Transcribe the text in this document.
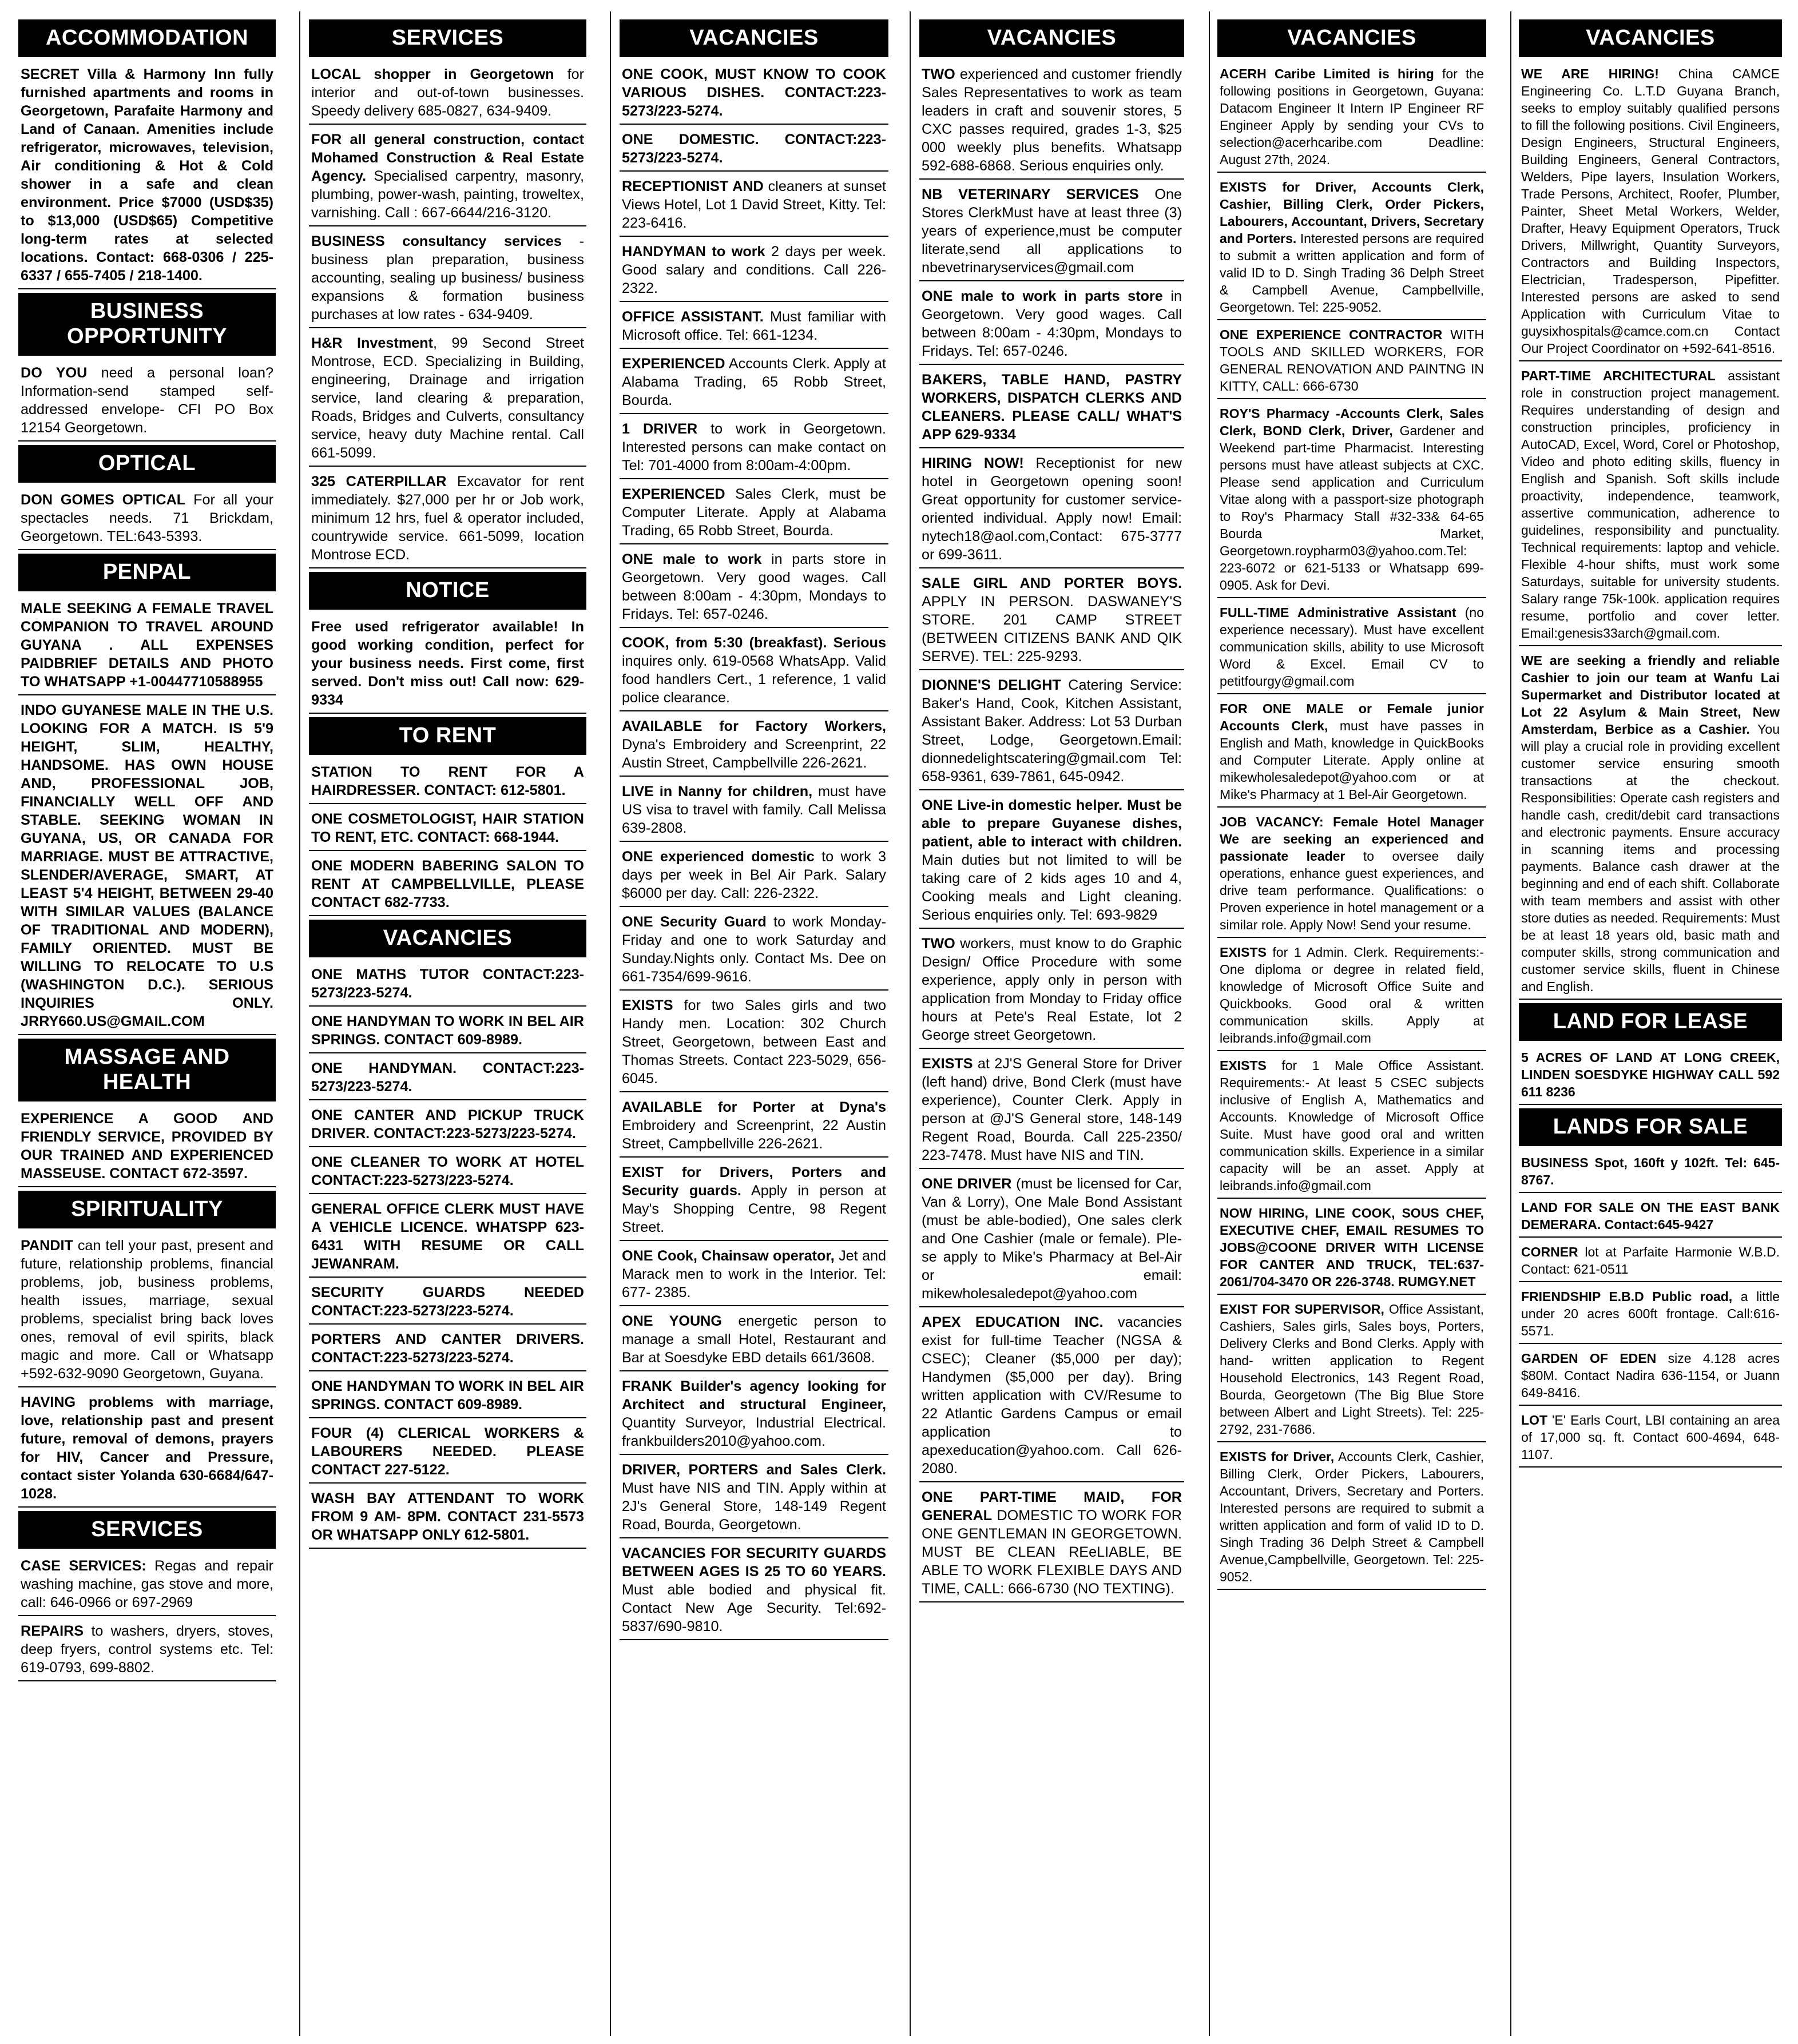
ACCOMMODATION
SECRET Villa & Harmony Inn fully furnished apartments and rooms in Georgetown, Parafaite Harmony and Land of Canaan. Amenities include refrigerator, microwaves, television, Air conditioning & Hot & Cold shower in a safe and clean environment. Price $7000 (USD$35) to $13,000 (USD$65) Competitive long-term rates at selected locations. Contact: 668-0306 / 225-6337 / 655-7405 / 218-1400.
BUSINESS OPPORTUNITY
DO YOU need a personal loan? Information-send stamped self-addressed envelope- CFI PO Box 12154 Georgetown.
OPTICAL
DON GOMES OPTICAL For all your spectacles needs. 71 Brickdam, Georgetown. TEL:643-5393.
PENPAL
MALE SEEKING A FEMALE TRAVEL COMPANION TO TRAVEL AROUND GUYANA . ALL EXPENSES PAIDBRIEF DETAILS AND PHOTO TO WHATSAPP +1-00447710588955
INDO GUYANESE MALE IN THE U.S. LOOKING FOR A MATCH. IS 5'9 HEIGHT, SLIM, HEALTHY, HANDSOME. HAS OWN HOUSE AND, PROFESSIONAL JOB, FINANCIALLY WELL OFF AND STABLE. SEEKING WOMAN IN GUYANA, US, OR CANADA FOR MARRIAGE. MUST BE ATTRACTIVE, SLENDER/AVERAGE, SMART, AT LEAST 5'4 HEIGHT, BETWEEN 29-40 WITH SIMILAR VALUES (BALANCE OF TRADITIONAL AND MODERN), FAMILY ORIENTED. MUST BE WILLING TO RELOCATE TO U.S (WASHINGTON D.C.). SERIOUS INQUIRIES ONLY. JRRY660.US@GMAIL.COM
MASSAGE AND HEALTH
EXPERIENCE A GOOD AND FRIENDLY SERVICE, PROVIDED BY OUR TRAINED AND EXPERIENCED MASSEUSE. CONTACT 672-3597.
SPIRITUALITY
PANDIT can tell your past, present and future, relationship problems, financial problems, job, business problems, health issues, marriage, sexual problems, specialist bring back loves ones, removal of evil spirits, black magic and more. Call or Whatsapp +592-632-9090 Georgetown, Guyana.
HAVING problems with marriage, love, relationship past and present future, removal of demons, prayers for HIV, Cancer and Pressure, contact sister Yolanda 630-6684/647-1028.
SERVICES
CASE SERVICES: Regas and repair washing machine, gas stove and more, call: 646-0966 or 697-2969
REPAIRS to washers, dryers, stoves, deep fryers, control systems etc. Tel: 619-0793, 699-8802.
SERVICES
LOCAL shopper in Georgetown for interior and out-of-town businesses. Speedy delivery 685-0827, 634-9409.
FOR all general construction, contact Mohamed Construction & Real Estate Agency. Specialised carpentry, masonry, plumbing, power-wash, painting, troweltex, varnishing. Call : 667-6644/216-3120.
BUSINESS consultancy services - business plan preparation, business accounting, sealing up business/ business expansions & formation business purchases at low rates - 634-9409.
H&R Investment, 99 Second Street Montrose, ECD. Specializing in Building, engineering, Drainage and irrigation service, land clearing & preparation, Roads, Bridges and Culverts, consultancy service, heavy duty Machine rental. Call 661-5099.
325 CATERPILLAR Excavator for rent immediately. $27,000 per hr or Job work, minimum 12 hrs, fuel & operator included, countrywide service. 661-5099, location Montrose ECD.
NOTICE
Free used refrigerator available! In good working condition, perfect for your business needs. First come, first served. Don't miss out! Call now: 629-9334
TO RENT
STATION TO RENT FOR A HAIRDRESSER. CONTACT: 612-5801.
ONE COSMETOLOGIST, HAIR STATION TO RENT, ETC. CONTACT: 668-1944.
ONE MODERN BABERING SALON TO RENT AT CAMPBELLVILLE, PLEASE CONTACT 682-7733.
VACANCIES
ONE MATHS TUTOR CONTACT:223-5273/223-5274.
ONE HANDYMAN TO WORK IN BEL AIR SPRINGS. CONTACT 609-8989.
ONE HANDYMAN. CONTACT:223-5273/223-5274.
ONE CANTER AND PICKUP TRUCK DRIVER. CONTACT:223-5273/223-5274.
ONE CLEANER TO WORK AT HOTEL CONTACT:223-5273/223-5274.
GENERAL OFFICE CLERK MUST HAVE A VEHICLE LICENCE. WHATSPP 623-6431 WITH RESUME OR CALL JEWANRAM.
SECURITY GUARDS NEEDED CONTACT:223-5273/223-5274.
PORTERS AND CANTER DRIVERS. CONTACT:223-5273/223-5274.
ONE HANDYMAN TO WORK IN BEL AIR SPRINGS. CONTACT 609-8989.
FOUR (4) CLERICAL WORKERS & LABOURERS NEEDED. PLEASE CONTACT 227-5122.
WASH BAY ATTENDANT TO WORK FROM 9 AM- 8PM. CONTACT 231-5573 OR WHATSAPP ONLY 612-5801.
VACANCIES
ONE COOK, MUST KNOW TO COOK VARIOUS DISHES. CONTACT:223-5273/223-5274.
ONE DOMESTIC. CONTACT:223-5273/223-5274.
RECEPTIONIST AND cleaners at sunset Views Hotel, Lot 1 David Street, Kitty. Tel: 223-6416.
HANDYMAN to work 2 days per week. Good salary and conditions. Call 226-2322.
OFFICE ASSISTANT. Must familiar with Microsoft office. Tel: 661-1234.
EXPERIENCED Accounts Clerk. Apply at Alabama Trading, 65 Robb Street, Bourda.
1 DRIVER to work in Georgetown. Interested persons can make contact on Tel: 701-4000 from 8:00am-4:00pm.
EXPERIENCED Sales Clerk, must be Computer Literate. Apply at Alabama Trading, 65 Robb Street, Bourda.
ONE male to work in parts store in Georgetown. Very good wages. Call between 8:00am - 4:30pm, Mondays to Fridays. Tel: 657-0246.
COOK, from 5:30 (breakfast). Serious inquires only. 619-0568 WhatsApp. Valid food handlers Cert., 1 reference, 1 valid police clearance.
AVAILABLE for Factory Workers, Dyna's Embroidery and Screenprint, 22 Austin Street, Campbellville 226-2621.
LIVE in Nanny for children, must have US visa to travel with family. Call Melissa 639-2808.
ONE experienced domestic to work 3 days per week in Bel Air Park. Salary $6000 per day. Call: 226-2322.
ONE Security Guard to work Monday-Friday and one to work Saturday and Sunday.Nights only. Contact Ms. Dee on 661-7354/699-9616.
EXISTS for two Sales girls and two Handy men. Location: 302 Church Street, Georgetown, between East and Thomas Streets. Contact 223-5029, 656-6045.
AVAILABLE for Porter at Dyna's Embroidery and Screenprint, 22 Austin Street, Campbellville 226-2621.
EXIST for Drivers, Porters and Security guards. Apply in person at May's Shopping Centre, 98 Regent Street.
ONE Cook, Chainsaw operator, Jet and Marack men to work in the Interior. Tel: 677- 2385.
ONE YOUNG energetic person to manage a small Hotel, Restaurant and Bar at Soesdyke EBD details 661/3608.
FRANK Builder's agency looking for Architect and structural Engineer, Quantity Surveyor, Industrial Electrical. frankbuilders2010@yahoo.com.
DRIVER, PORTERS and Sales Clerk. Must have NIS and TIN. Apply within at 2J's General Store, 148-149 Regent Road, Bourda, Georgetown.
VACANCIES FOR SECURITY GUARDS BETWEEN AGES IS 25 TO 60 YEARS. Must able bodied and physical fit. Contact New Age Security. Tel:692-5837/690-9810.
VACANCIES
TWO experienced and customer friendly Sales Representatives to work as team leaders in craft and souvenir stores, 5 CXC passes required, grades 1-3, $25 000 weekly plus benefits. Whatsapp 592-688-6868. Serious enquiries only.
NB VETERINARY SERVICES One Stores ClerkMust have at least three (3) years of experience,must be computer literate,send all applications to nbevetrinaryservices@gmail.com
ONE male to work in parts store in Georgetown. Very good wages. Call between 8:00am - 4:30pm, Mondays to Fridays. Tel: 657-0246.
BAKERS, TABLE HAND, PASTRY WORKERS, DISPATCH CLERKS AND CLEANERS. PLEASE CALL/ WHAT'S APP 629-9334
HIRING NOW! Receptionist for new hotel in Georgetown opening soon! Great opportunity for customer service-oriented individual. Apply now! Email: nytech18@aol.com,Contact: 675-3777 or 699-3611.
SALE GIRL AND PORTER BOYS. APPLY IN PERSON. DASWANEY'S STORE. 201 CAMP STREET (BETWEEN CITIZENS BANK AND QIK SERVE). TEL: 225-9293.
DIONNE'S DELIGHT Catering Service: Baker's Hand, Cook, Kitchen Assistant, Assistant Baker. Address: Lot 53 Durban Street, Lodge, Georgetown.Email: dionnedelightscatering@gmail.com Tel: 658-9361, 639-7861, 645-0942.
ONE Live-in domestic helper. Must be able to prepare Guyanese dishes, patient, able to interact with children. Main duties but not limited to will be taking care of 2 kids ages 10 and 4, Cooking meals and Light cleaning. Serious enquiries only. Tel: 693-9829
TWO workers, must know to do Graphic Design/ Office Procedure with some experience, apply only in person with application from Monday to Friday office hours at Pete's Real Estate, lot 2 George street Georgetown.
EXISTS at 2J'S General Store for Driver (left hand) drive, Bond Clerk (must have experience), Counter Clerk. Apply in person at @J'S General store, 148-149 Regent Road, Bourda. Call 225-2350/ 223-7478. Must have NIS and TIN.
ONE DRIVER (must be licensed for Car, Van & Lorry), One Male Bond Assistant (must be able-bodied), One sales clerk and One Cashier (male or female). Ple-se apply to Mike's Pharmacy at Bel-Air or email: mikewholesaledepot@yahoo.com
APEX EDUCATION INC. vacancies exist for full-time Teacher (NGSA & CSEC); Cleaner ($5,000 per day); Handymen ($5,000 per day). Bring written application with CV/Resume to 22 Atlantic Gardens Campus or email application to apexeducation@yahoo.com. Call 626-2080.
ONE PART-TIME MAID, FOR GENERAL DOMESTIC TO WORK FOR ONE GENTLEMAN IN GEORGETOWN. MUST BE CLEAN REeLIABLE, BE ABLE TO WORK FLEXIBLE DAYS AND TIME, CALL: 666-6730 (NO TEXTING).
VACANCIES
ACERH Caribe Limited is hiring for the following positions in Georgetown, Guyana: Datacom Engineer It Intern IP Engineer RF Engineer Apply by sending your CVs to selection@acerhcaribe.com Deadline: August 27th, 2024.
EXISTS for Driver, Accounts Clerk, Cashier, Billing Clerk, Order Pickers, Labourers, Accountant, Drivers, Secretary and Porters. Interested persons are required to submit a written application and form of valid ID to D. Singh Trading 36 Delph Street & Campbell Avenue, Campbellville, Georgetown. Tel: 225-9052.
ONE EXPERIENCE CONTRACTOR WITH TOOLS AND SKILLED WORKERS, FOR GENERAL RENOVATION AND PAINTNG IN KITTY, CALL: 666-6730
ROY'S Pharmacy -Accounts Clerk, Sales Clerk, BOND Clerk, Driver, Gardener and Weekend part-time Pharmacist. Interesting persons must have atleast subjects at CXC. Please send application and Curriculum Vitae along with a passport-size photograph to Roy's Pharmacy Stall #32-33& 64-65 Bourda Market, Georgetown.roypharm03@yahoo.com.Tel: 223-6072 or 621-5133 or Whatsapp 699-0905. Ask for Devi.
FULL-TIME Administrative Assistant (no experience necessary). Must have excellent communication skills, ability to use Microsoft Word & Excel. Email CV to petitfourgy@gmail.com
FOR ONE MALE or Female junior Accounts Clerk, must have passes in English and Math, knowledge in QuickBooks and Computer Literate. Apply online at mikewholesaledepot@yahoo.com or at Mike's Pharmacy at 1 Bel-Air Georgetown.
JOB VACANCY: Female Hotel Manager We are seeking an experienced and passionate leader to oversee daily operations, enhance guest experiences, and drive team performance. Qualifications: o Proven experience in hotel management or a similar role. Apply Now! Send your resume.
EXISTS for 1 Admin. Clerk. Requirements:- One diploma or degree in related field, knowledge of Microsoft Office Suite and Quickbooks. Good oral & written communication skills. Apply at leibrands.info@gmail.com
EXISTS for 1 Male Office Assistant. Requirements:- At least 5 CSEC subjects inclusive of English A, Mathematics and Accounts. Knowledge of Microsoft Office Suite. Must have good oral and written communication skills. Experience in a similar capacity will be an asset. Apply at leibrands.info@gmail.com
NOW HIRING, LINE COOK, SOUS CHEF, EXECUTIVE CHEF, EMAIL RESUMES TO JOBS@COONE DRIVER WITH LICENSE FOR CANTER AND TRUCK, TEL:637-2061/704-3470 OR 226-3748. RUMGY.NET
EXIST FOR SUPERVISOR, Office Assistant, Cashiers, Sales girls, Sales boys, Porters, Delivery Clerks and Bond Clerks. Apply with hand- written application to Regent Household Electronics, 143 Regent Road, Bourda, Georgetown (The Big Blue Store between Albert and Light Streets). Tel: 225-2792, 231-7686.
EXISTS for Driver, Accounts Clerk, Cashier, Billing Clerk, Order Pickers, Labourers, Accountant, Drivers, Secretary and Porters. Interested persons are required to submit a written application and form of valid ID to D. Singh Trading 36 Delph Street & Campbell Avenue,Campbellville, Georgetown. Tel: 225-9052.
VACANCIES
WE ARE HIRING! China CAMCE Engineering Co. L.T.D Guyana Branch, seeks to employ suitably qualified persons to fill the following positions. Civil Engineers, Design Engineers, Structural Engineers, Building Engineers, General Contractors, Welders, Pipe layers, Insulation Workers, Trade Persons, Architect, Roofer, Plumber, Painter, Sheet Metal Workers, Welder, Drafter, Heavy Equipment Operators, Truck Drivers, Millwright, Quantity Surveyors, Contractors and Building Inspectors, Electrician, Tradesperson, Pipefitter. Interested persons are asked to send Application with Curriculum Vitae to guysixhospitals@camce.com.cn Contact Our Project Coordinator on +592-641-8516.
PART-TIME ARCHITECTURAL assistant role in construction project management. Requires understanding of design and construction principles, proficiency in AutoCAD, Excel, Word, Corel or Photoshop, Video and photo editing skills, fluency in English and Spanish. Soft skills include proactivity, independence, teamwork, assertive communication, adherence to guidelines, responsibility and punctuality. Technical requirements: laptop and vehicle. Flexible 4-hour shifts, must work some Saturdays, suitable for university students. Salary range 75k-100k. application requires resume, portfolio and cover letter. Email:genesis33arch@gmail.com.
WE are seeking a friendly and reliable Cashier to join our team at Wanfu Lai Supermarket and Distributor located at Lot 22 Asylum & Main Street, New Amsterdam, Berbice as a Cashier. You will play a crucial role in providing excellent customer service ensuring smooth transactions at the checkout. Responsibilities: Operate cash registers and handle cash, credit/debit card transactions and electronic payments. Ensure accuracy in scanning items and processing payments. Balance cash drawer at the beginning and end of each shift. Collaborate with team members and assist with other store duties as needed. Requirements: Must be at least 18 years old, basic math and computer skills, strong communication and customer service skills, fluent in Chinese and English.
LAND FOR LEASE
5 ACRES OF LAND AT LONG CREEK, LINDEN SOESDYKE HIGHWAY CALL 592 611 8236
LANDS FOR SALE
BUSINESS Spot, 160ft y 102ft. Tel: 645-8767.
LAND FOR SALE ON THE EAST BANK DEMERARA. Contact:645-9427
CORNER lot at Parfaite Harmonie W.B.D. Contact: 621-0511
FRIENDSHIP E.B.D Public road, a little under 20 acres 600ft frontage. Call:616-5571.
GARDEN OF EDEN size 4.128 acres $80M. Contact Nadira 636-1154, or Juann 649-8416.
LOT 'E' Earls Court, LBI containing an area of 17,000 sq. ft. Contact 600-4694, 648-1107.
